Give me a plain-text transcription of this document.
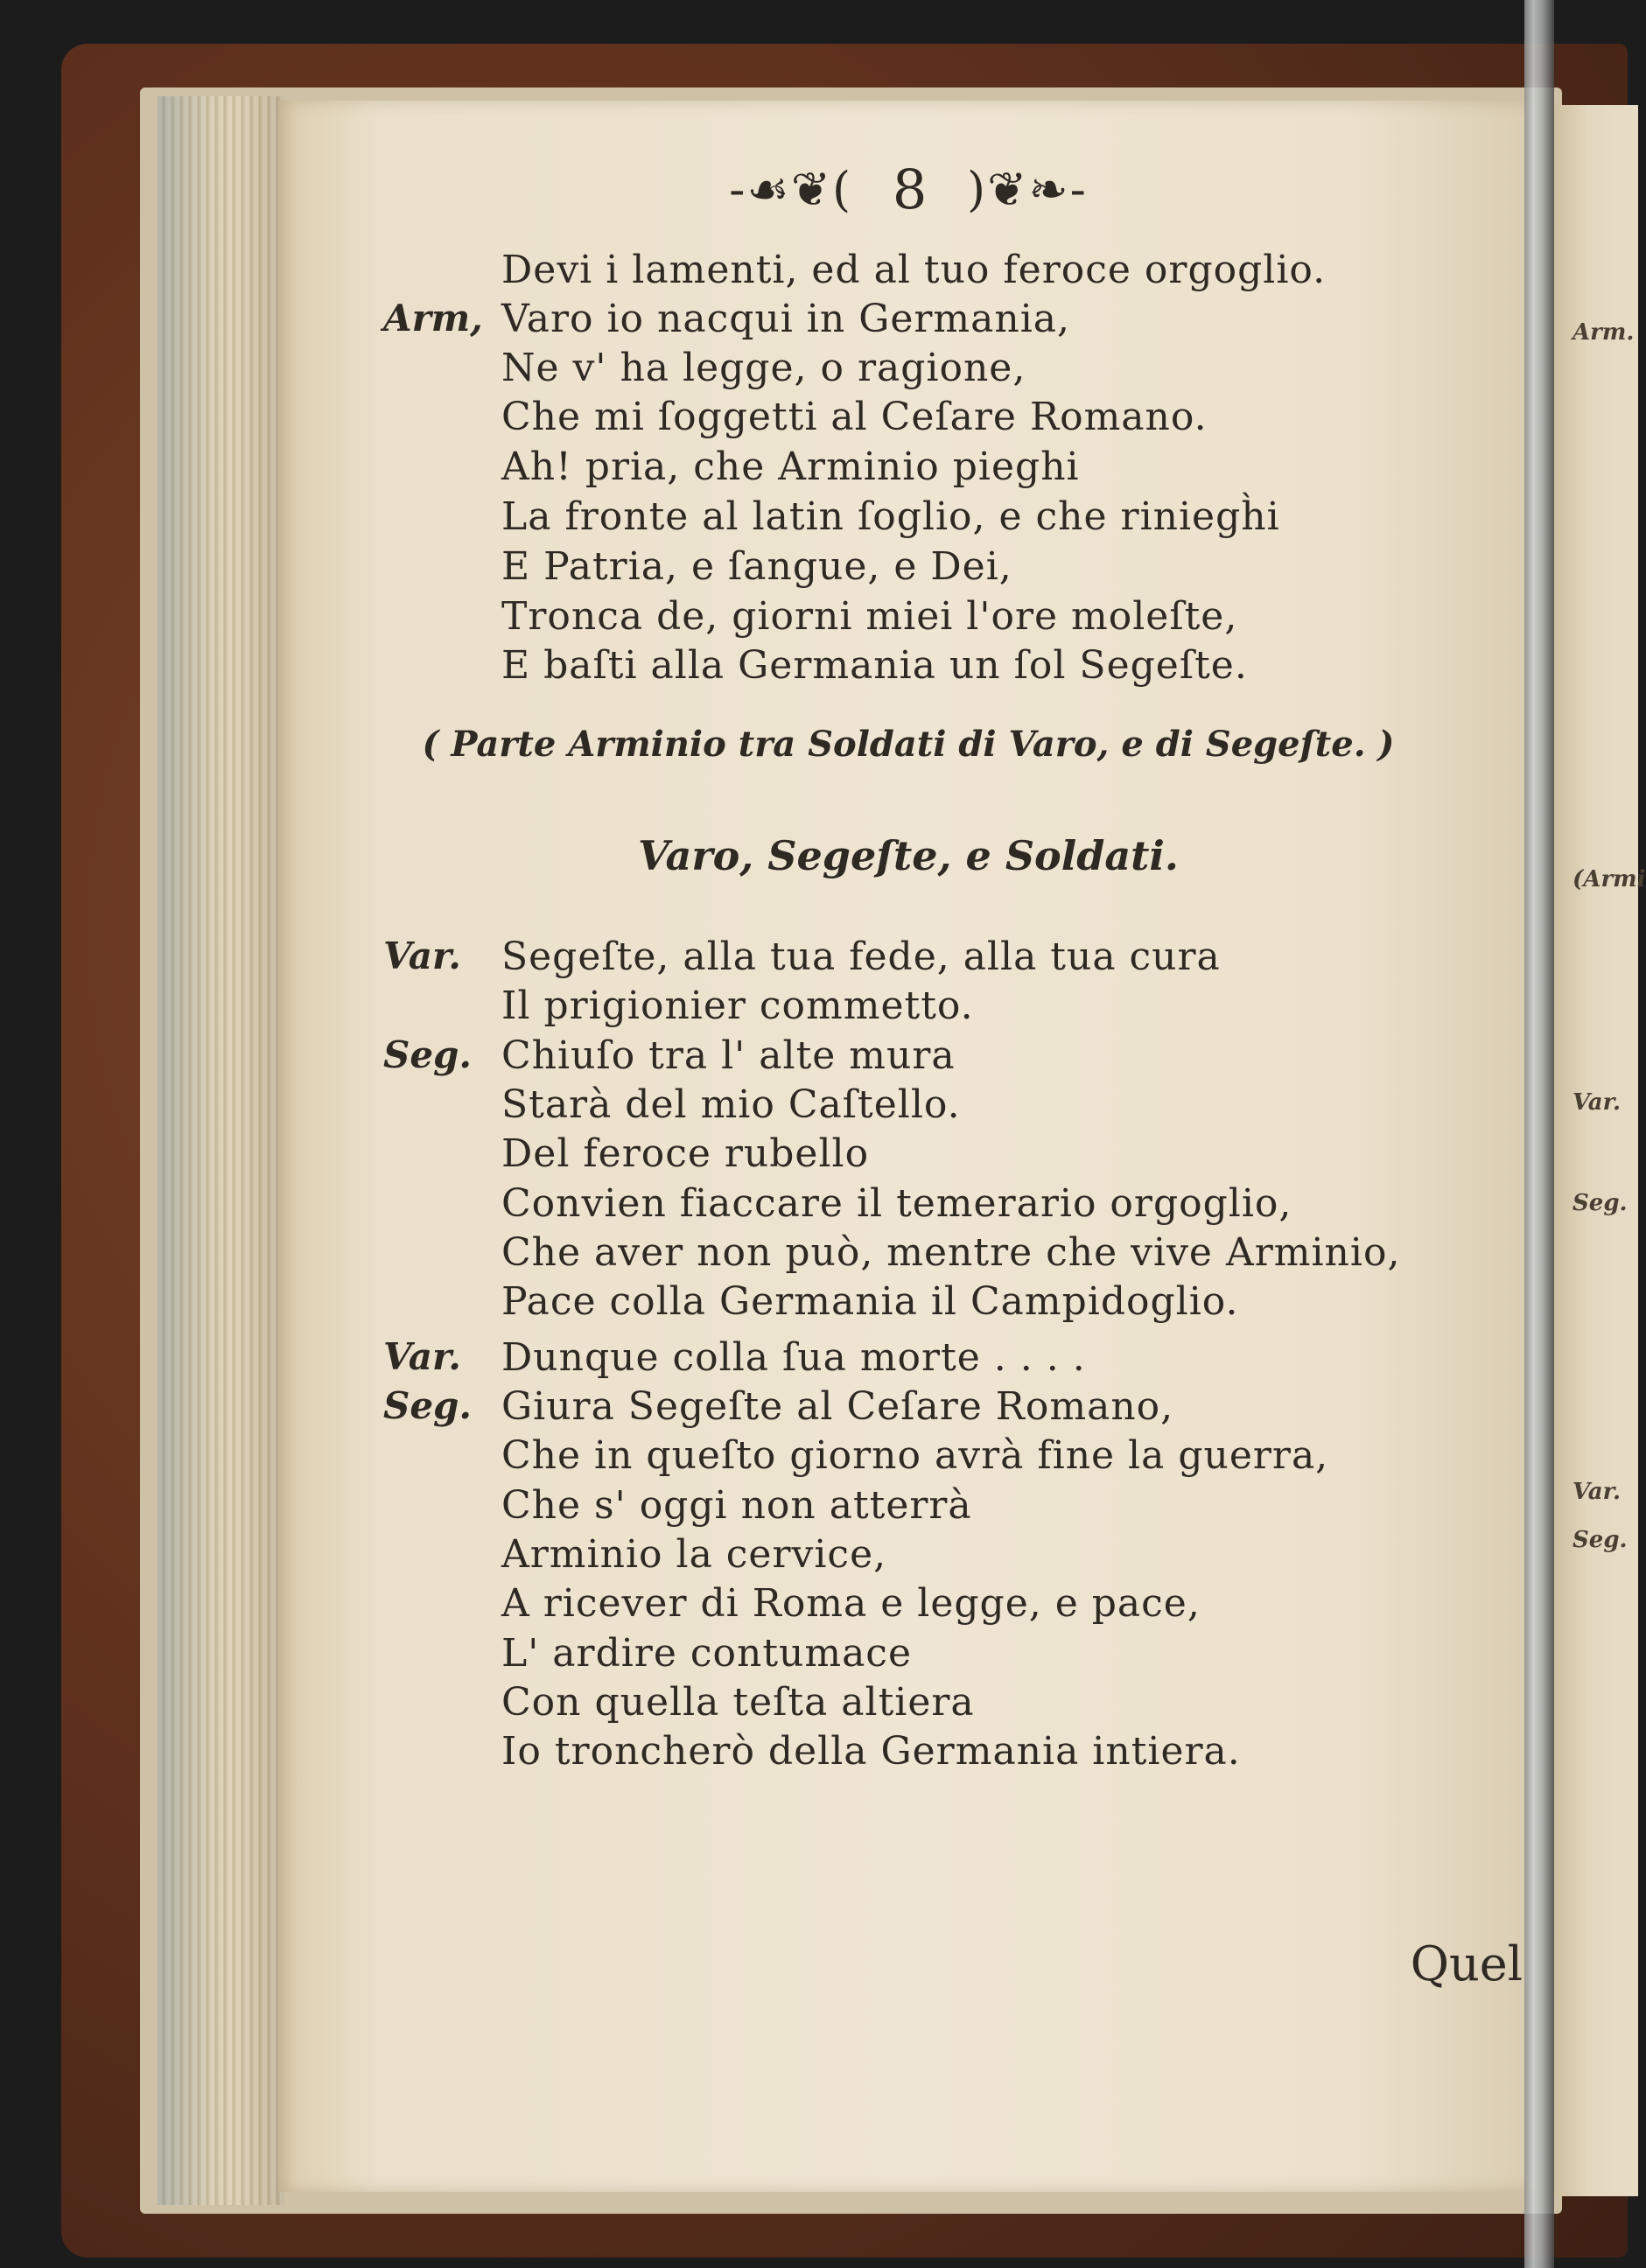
-☙❦( 8 )❦❧-
Devi i lamenti, ed al tuo feroce orgoglio.
Arm, Varo io nacqui in Germania,
Ne v' ha legge, o ragione,
Che mi ſoggetti al Ceſare Romano.
Ah! pria, che Arminio pieghi
La fronte al latin ſoglio, e che riniegh̀i
E Patria, e ſangue, e Dei,
Tronca de, giorni miei l'ore moleſte,
E baſti alla Germania un ſol Segeſte.
( Parte Arminio tra Soldati di Varo, e di Segeſte. )
Varo, Segeſte, e Soldati.
Var. Segeſte, alla tua fede, alla tua cura
Il prigionier commetto.
Seg. Chiuſo tra l' alte mura
Starà del mio Caſtello.
Del feroce rubello
Convien fiaccare il temerario orgoglio,
Che aver non può, mentre che vive Arminio,
Pace colla Germania il Campidoglio.
Var. Dunque colla ſua morte . . . .
Seg. Giura Segeſte al Ceſare Romano,
Che in queſto giorno avrà fine la guerra,
Che s' oggi non atterrà
Arminio la cervice,
A ricever di Roma e legge, e pace,
L' ardire contumace
Con quella teſta altiera
Io troncherò della Germania intiera.
Quel
Arm.
(Armi
Var.
Seg.
Var.
Seg.
